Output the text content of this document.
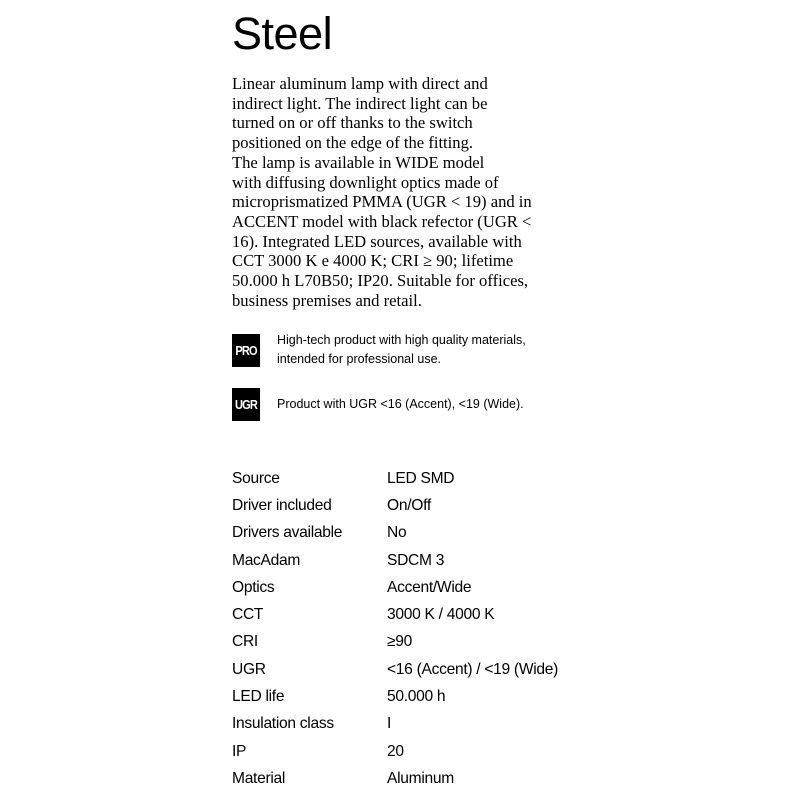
Steel

Linear aluminum lamp with direct and
indirect light. The indirect light can be
turned on or off thanks to the switch
positioned on the edge of the fitting.
The lamp is available in WIDE model
with diffusing downlight optics made of
microprismatized PMMA (UGR < 19) and in
ACCENT model with black refector (UGR <
16). Integrated LED sources, available with
CCT 3000 K e 4000 K; CRI ≥ 90; lifetime
50.000 h L70B50; IP20. Suitable for offices,
business premises and retail.

PRO
High-tech product with high quality materials,
intended for professional use.
UGR Product with UGR <16 (Accent), <19 (Wide).
Source	LED SMD
Driver included	On/Off
Drivers available	No
MacAdam	SDCM 3
Optics	Accent/Wide
CCT	3000 K / 4000 K
CRI	≥90
UGR	<16 (Accent) / <19 (Wide)
LED life	50.000 h
Insulation class	I
IP	20
Material	Aluminum
